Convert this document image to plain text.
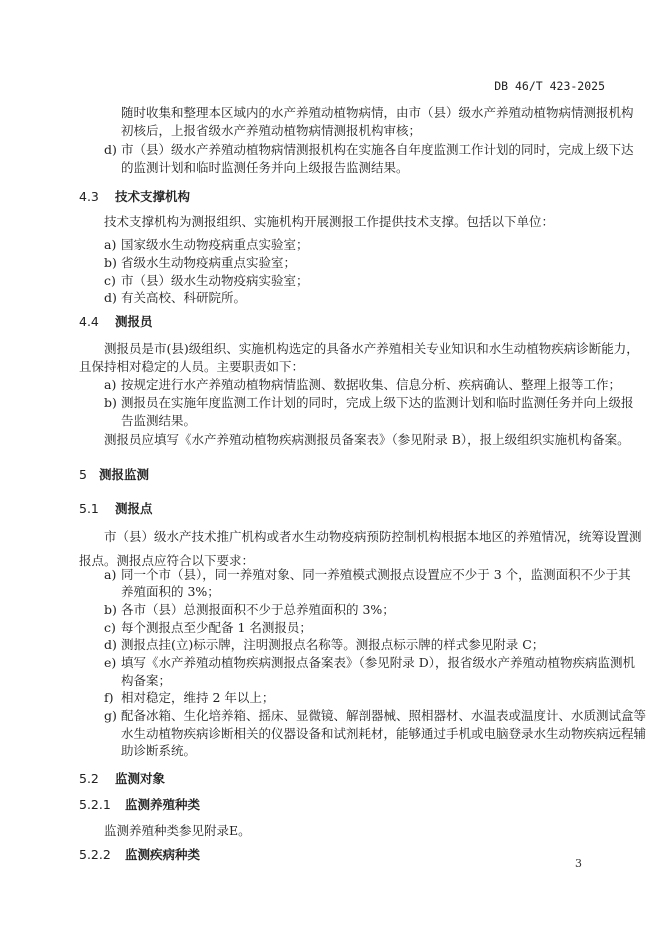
DB 46/T 423-2025
随时收集和整理本区域内的水产养殖动植物病情，由市（县）级水产养殖动植物病情测报机构
初核后，上报省级水产养殖动植物病情测报机构审核；
d) 市（县）级水产养殖动植物病情测报机构在实施各自年度监测工作计划的同时，完成上级下达
的监测计划和临时监测任务并向上级报告监测结果。
4.3 技术支撑机构
技术支撑机构为测报组织、实施机构开展测报工作提供技术支撑。包括以下单位：
a) 国家级水生动物疫病重点实验室；
b) 省级水生动物疫病重点实验室；
c) 市（县）级水生动物疫病实验室；
d) 有关高校、科研院所。
4.4 测报员
测报员是市(县)级组织、实施机构选定的具备水产养殖相关专业知识和水生动植物疾病诊断能力，
且保持相对稳定的人员。主要职责如下：
a) 按规定进行水产养殖动植物病情监测、数据收集、信息分析、疾病确认、整理上报等工作；
b) 测报员在实施年度监测工作计划的同时，完成上级下达的监测计划和临时监测任务并向上级报
告监测结果。
测报员应填写《水产养殖动植物疾病测报员备案表》（参见附录 B），报上级组织实施机构备案。
5 测报监测
5.1 测报点
市（县）级水产技术推广机构或者水生动物疫病预防控制机构根据本地区的养殖情况，统筹设置测
报点。测报点应符合以下要求：
a) 同一个市（县），同一养殖对象、同一养殖模式测报点设置应不少于 3 个，监测面积不少于其
养殖面积的 3%；
b) 各市（县）总测报面积不少于总养殖面积的 3%；
c) 每个测报点至少配备 1 名测报员；
d) 测报点挂(立)标示牌，注明测报点名称等。测报点标示牌的样式参见附录 C；
e) 填写《水产养殖动植物疾病测报点备案表》（参见附录 D），报省级水产养殖动植物疾病监测机
构备案；
f) 相对稳定，维持 2 年以上；
g) 配备冰箱、生化培养箱、摇床、显微镜、解剖器械、照相器材、水温表或温度计、水质测试盒等
水生动植物疾病诊断相关的仪器设备和试剂耗材，能够通过手机或电脑登录水生动物疾病远程辅
助诊断系统。
5.2 监测对象
3
5.2.1 监测养殖种类
监测养殖种类参见附录E。
5.2.2 监测疾病种类
